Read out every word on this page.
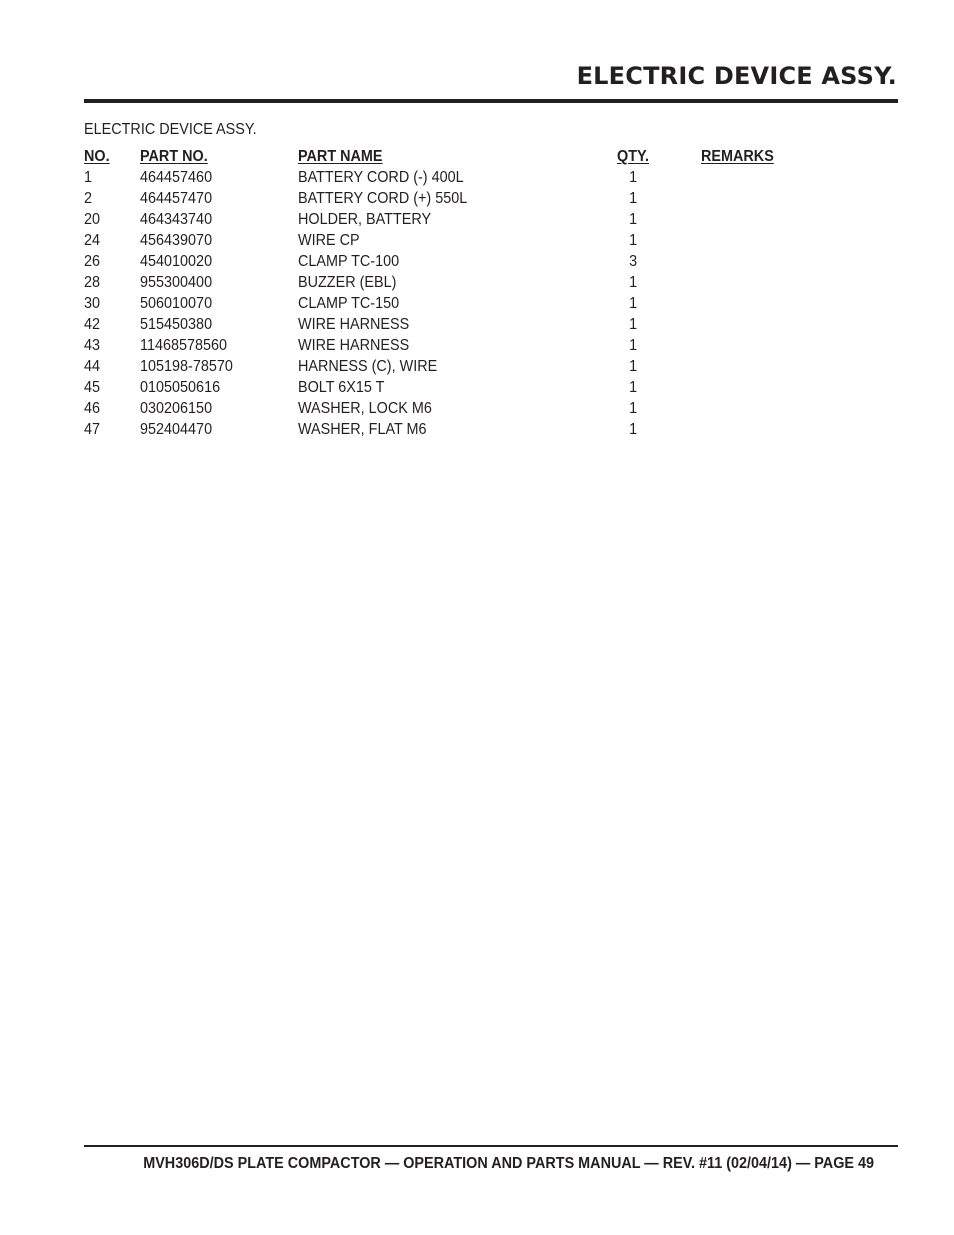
ELECTRIC DEVICE ASSY.
ELECTRIC DEVICE ASSY.
NO. PART NO.	PART NAME	QTY.	REMARKS
1	464457460	BATTERY CORD (-) 400L	1
2	464457470	BATTERY CORD (+) 550L	1
20 464343740	HOLDER, BATTERY	1
24 456439070	WIRE CP	1
26 454010020	CLAMP TC-100	3
28 955300400	BUZZER (EBL)	1
30 506010070	CLAMP TC-150	1
42 515450380	WIRE HARNESS	1
43 11468578560	WIRE HARNESS	1
44 105198-78570	HARNESS (C), WIRE	1
45 0105050616	BOLT 6X15 T	1
46 030206150	WASHER, LOCK M6	1
47 952404470	WASHER, FLAT M6	1
MVH306D/DS PLATE COMPACTOR — OPERATION AND PARTS MANUAL — REV. #11 (02/04/14) — PAGE 49
